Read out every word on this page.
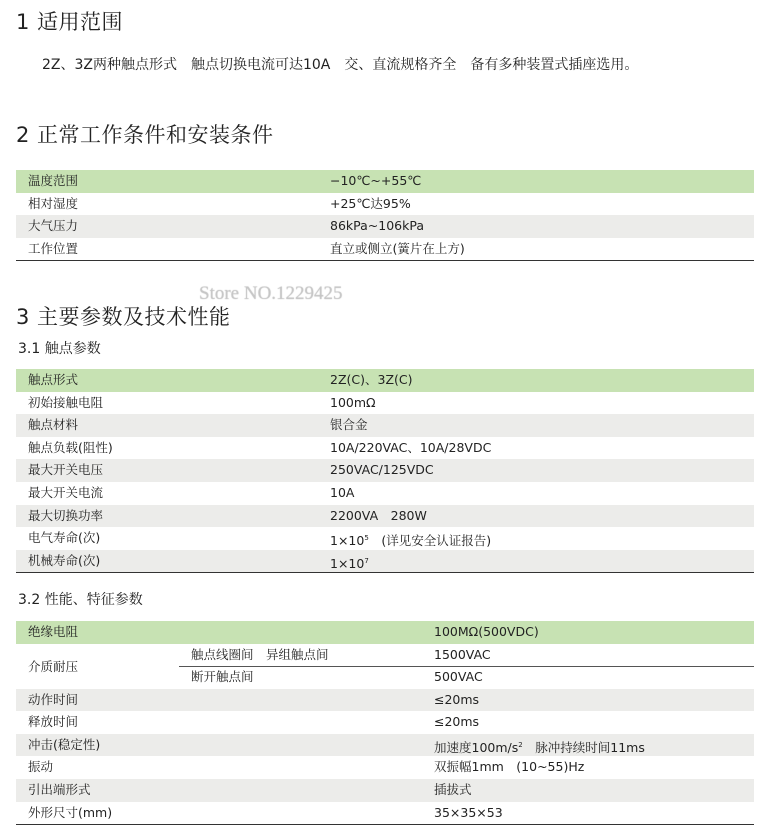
1 适用范围
2Z、3Z两种触点形式　触点切换电流可达10A　交、直流规格齐全　备有多种装置式插座选用。
2 正常工作条件和安装条件
温度范围	−10℃~+55℃
相对湿度	+25℃达95%
大气压力	86kPa~106kPa
工作位置	直立或侧立(簧片在上方)
Store NO.1229425
3 主要参数及技术性能
3.1 触点参数
触点形式	2Z(C)、3Z(C)
初始接触电阻	100mΩ
触点材料	银合金
触点负载(阻性)	10A/220VAC、10A/28VDC
最大开关电压	250VAC/125VDC
最大开关电流	10A
最大切换功率	2200VA　280W
电气寿命(次)	$1\times 10^5$　(详见安全认证报告)
机械寿命(次)	$1\times 10^7$
3.2 性能、特征参数
绝缘电阻	100MΩ(500VDC)
介质耐压
触点线圈间　异组触点间	1500VAC
断开触点间	500VAC
动作时间	≤20ms
释放时间	≤20ms
冲击(稳定性)	加速度$100m/s^2$　脉冲持续时间11ms
振动	双振幅1mm　(10~55)Hz
引出端形式	插拔式
外形尺寸(mm)	35×35×53
